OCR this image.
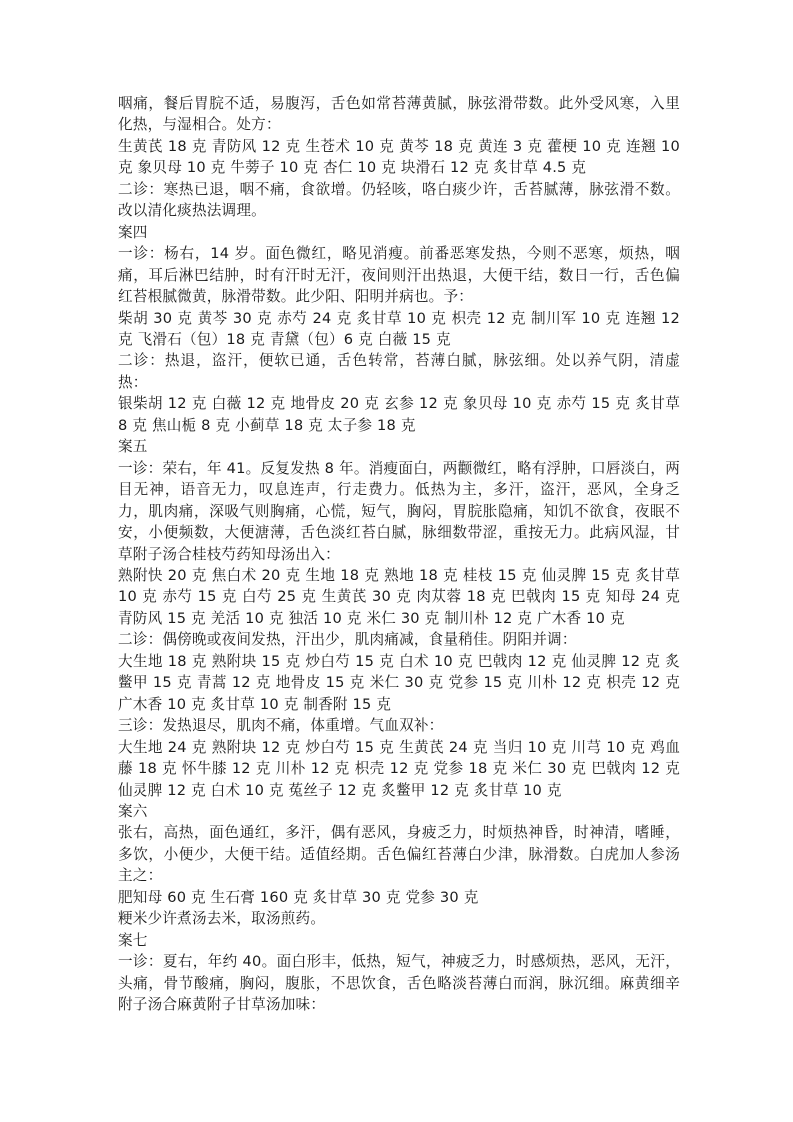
咽痛，餐后胃脘不适，易腹泻，舌色如常苔薄黄腻，脉弦滑带数。此外受风寒，入里化热，与湿相合。处方：

生黄芪 18 克 青防风 12 克 生苍术 10 克 黄芩 18 克 黄连 3 克 藿梗 10 克 连翘 10 克 象贝母 10 克 牛蒡子 10 克 杏仁 10 克 块滑石 12 克 炙甘草 4.5 克

二诊：寒热已退，咽不痛，食欲增。仍轻咳，咯白痰少许，舌苔腻薄，脉弦滑不数。改以清化痰热法调理。

案四

一诊：杨右，14 岁。面色微红，略见消瘦。前番恶寒发热，今则不恶寒，烦热，咽痛，耳后淋巴结肿，时有汗时无汗，夜间则汗出热退，大便干结，数日一行，舌色偏红苔根腻微黄，脉滑带数。此少阳、阳明并病也。予：

柴胡 30 克 黄芩 30 克 赤芍 24 克 炙甘草 10 克 枳壳 12 克 制川军 10 克 连翘 12 克 飞滑石（包）18 克 青黛（包）6 克 白薇 15 克

二诊：热退，盗汗，便软已通，舌色转常，苔薄白腻，脉弦细。处以养气阴，清虚热：

银柴胡 12 克 白薇 12 克 地骨皮 20 克 玄参 12 克 象贝母 10 克 赤芍 15 克 炙甘草 8 克 焦山栀 8 克 小蓟草 18 克 太子参 18 克

案五

一诊：荣右，年 41。反复发热 8 年。消瘦面白，两颧微红，略有浮肿，口唇淡白，两目无神，语音无力，叹息连声，行走费力。低热为主，多汗，盗汗，恶风，全身乏力，肌肉痛，深吸气则胸痛，心慌，短气，胸闷，胃脘胀隐痛，知饥不欲食，夜眠不安，小便频数，大便溏薄，舌色淡红苔白腻，脉细数带涩，重按无力。此病风湿，甘草附子汤合桂枝芍药知母汤出入：

熟附快 20 克 焦白术 20 克 生地 18 克 熟地 18 克 桂枝 15 克 仙灵脾 15 克 炙甘草 10 克 赤芍 15 克 白芍 25 克 生黄芪 30 克 肉苁蓉 18 克 巴戟肉 15 克 知母 24 克 青防风 15 克 羌活 10 克 独活 10 克 米仁 30 克 制川朴 12 克 广木香 10 克

二诊：偶傍晚或夜间发热，汗出少，肌肉痛减，食量稍佳。阴阳并调：

大生地 18 克 熟附块 15 克 炒白芍 15 克 白术 10 克 巴戟肉 12 克 仙灵脾 12 克 炙鳖甲 15 克 青蒿 12 克 地骨皮 15 克 米仁 30 克 党参 15 克 川朴 12 克 枳壳 12 克 广木香 10 克 炙甘草 10 克 制香附 15 克

三诊：发热退尽，肌肉不痛，体重增。气血双补：

大生地 24 克 熟附块 12 克 炒白芍 15 克 生黄芪 24 克 当归 10 克 川芎 10 克 鸡血藤 18 克 怀牛膝 12 克 川朴 12 克 枳壳 12 克 党参 18 克 米仁 30 克 巴戟肉 12 克 仙灵脾 12 克 白术 10 克 菟丝子 12 克 炙鳖甲 12 克 炙甘草 10 克

案六

张右，高热，面色通红，多汗，偶有恶风，身疲乏力，时烦热神昏，时神清，嗜睡，多饮，小便少，大便干结。适值经期。舌色偏红苔薄白少津，脉滑数。白虎加人参汤主之：

肥知母 60 克 生石膏 160 克 炙甘草 30 克 党参 30 克

粳米少许煮汤去米，取汤煎药。

案七

一诊：夏右，年约 40。面白形丰，低热，短气，神疲乏力，时感烦热，恶风，无汗，头痛，骨节酸痛，胸闷，腹胀，不思饮食，舌色略淡苔薄白而润，脉沉细。麻黄细辛附子汤合麻黄附子甘草汤加味：
